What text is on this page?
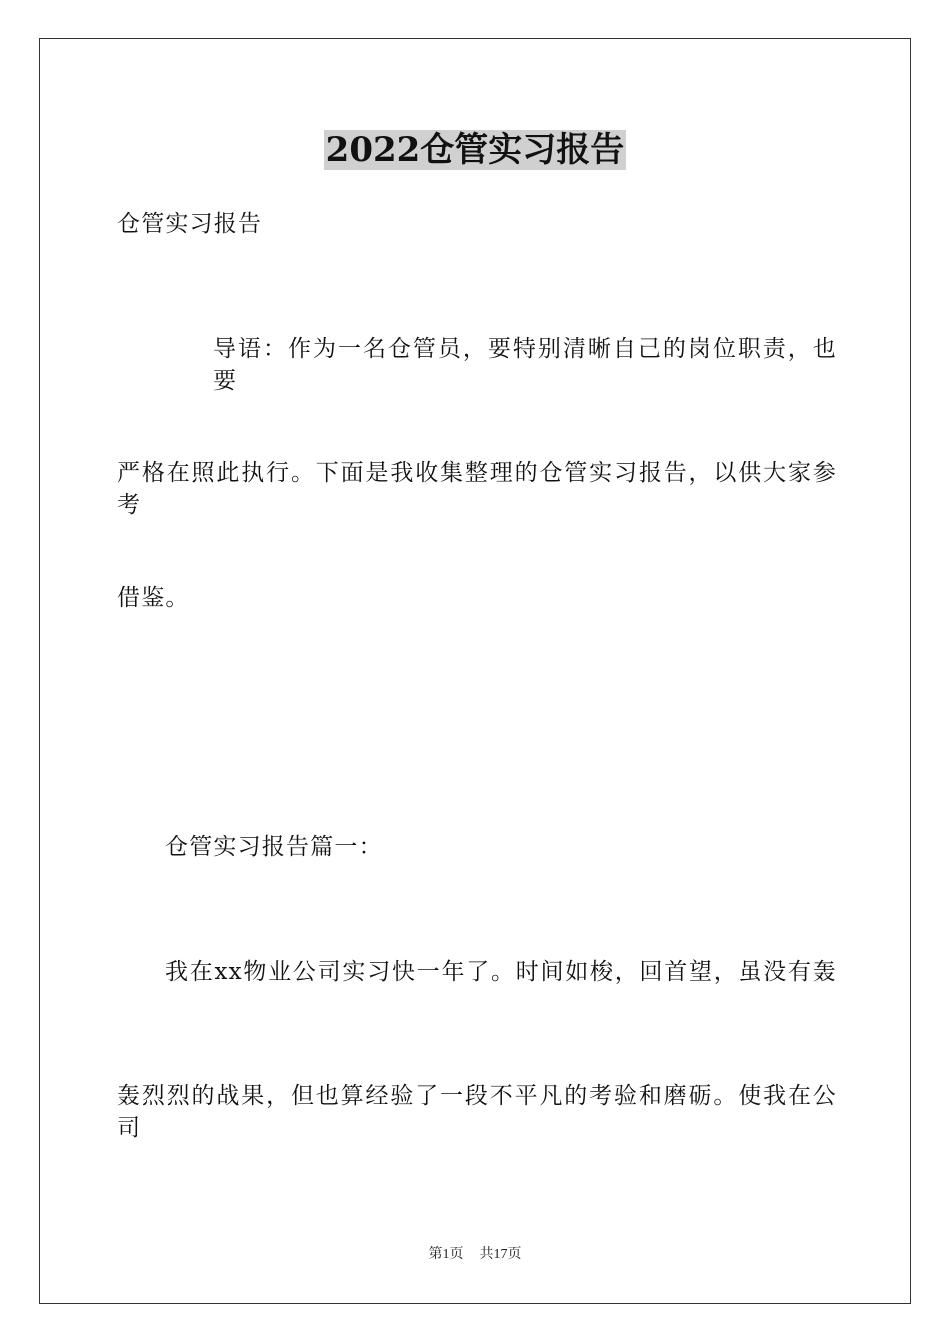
2022仓管实习报告
仓管实习报告
导语：作为一名仓管员，要特别清晰自己的岗位职责，也要
严格在照此执行。下面是我收集整理的仓管实习报告，以供大家参考
借鉴。
仓管实习报告篇一：
我在xx物业公司实习快一年了。时间如梭，回首望，虽没有轰
轰烈烈的战果，但也算经验了一段不平凡的考验和磨砺。使我在公司
第1页 共17页
